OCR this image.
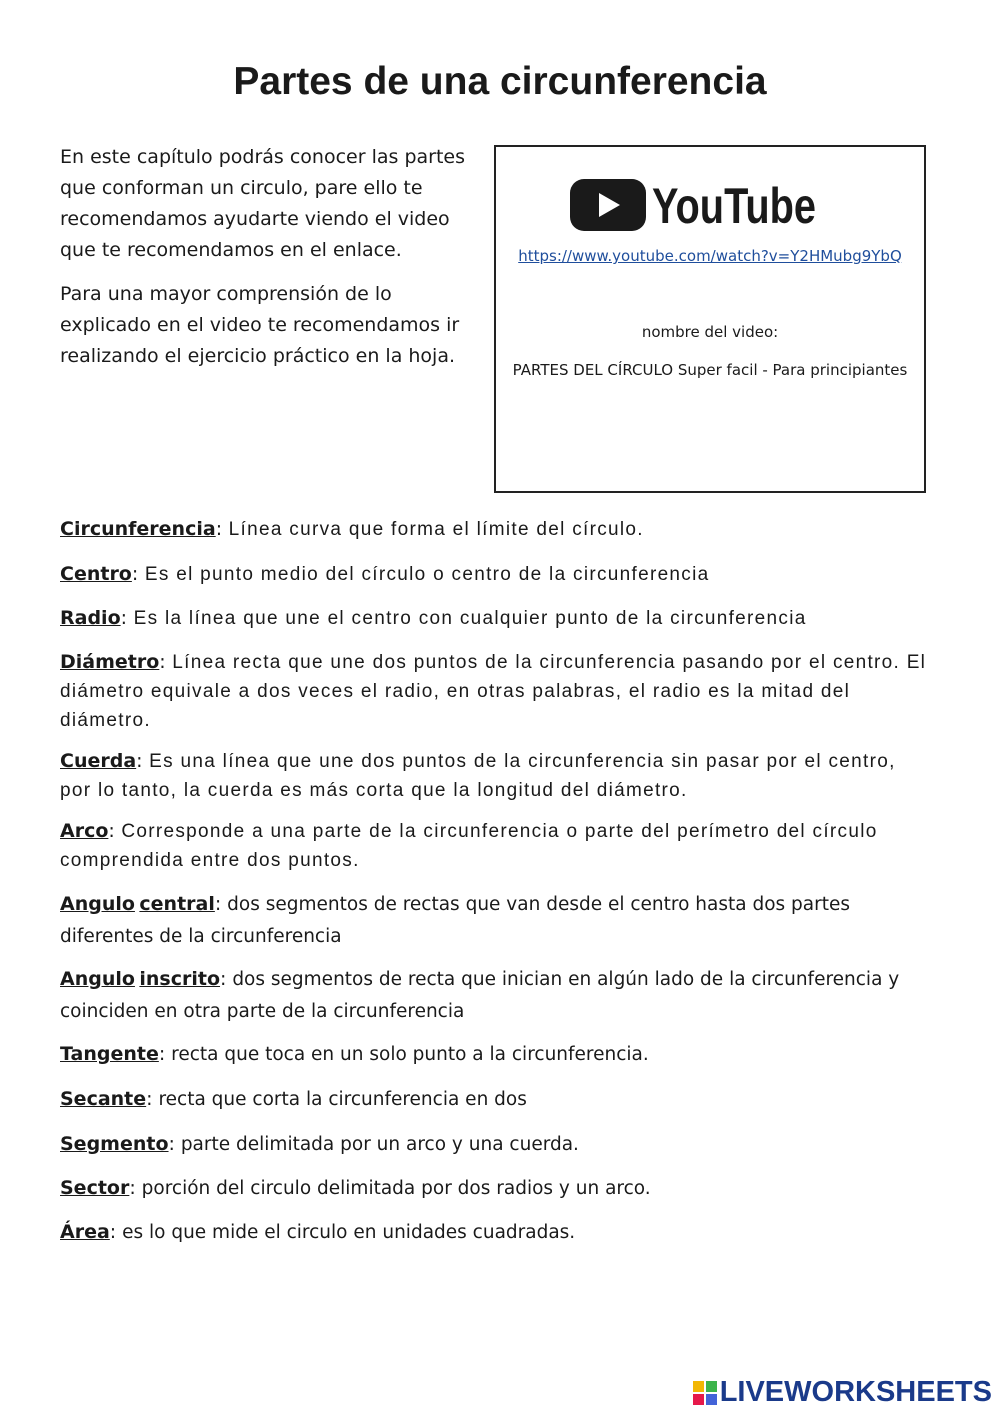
Partes de una circunferencia

En este capítulo podrás conocer las partes que conforman un circulo, pare ello te recomendamos ayudarte viendo el video que te recomendamos en el enlace.

Para una mayor comprensión de lo explicado en el video te recomendamos ir realizando el ejercicio práctico en la hoja.

YouTube
https://www.youtube.com/watch?v=Y2HMubg9YbQ
nombre del video:
PARTES DEL CÍRCULO Super facil - Para principiantes

Circunferencia: Línea curva que forma el límite del círculo.

Centro: Es el punto medio del círculo o centro de la circunferencia

Radio: Es la línea que une el centro con cualquier punto de la circunferencia

Diámetro: Línea recta que une dos puntos de la circunferencia pasando por el centro. El diámetro equivale a dos veces el radio, en otras palabras, el radio es la mitad del diámetro.

Cuerda: Es una línea que une dos puntos de la circunferencia sin pasar por el centro, por lo tanto, la cuerda es más corta que la longitud del diámetro.

Arco: Corresponde a una parte de la circunferencia o parte del perímetro del círculo comprendida entre dos puntos.

Angulo central: dos segmentos de rectas que van desde el centro hasta dos partes diferentes de la circunferencia

Angulo inscrito: dos segmentos de recta que inician en algún lado de la circunferencia y coinciden en otra parte de la circunferencia

Tangente: recta que toca en un solo punto a la circunferencia.

Secante: recta que corta la circunferencia en dos

Segmento: parte delimitada por un arco y una cuerda.

Sector: porción del circulo delimitada por dos radios y un arco.

Área: es lo que mide el circulo en unidades cuadradas.

LIVEWORKSHEETS
